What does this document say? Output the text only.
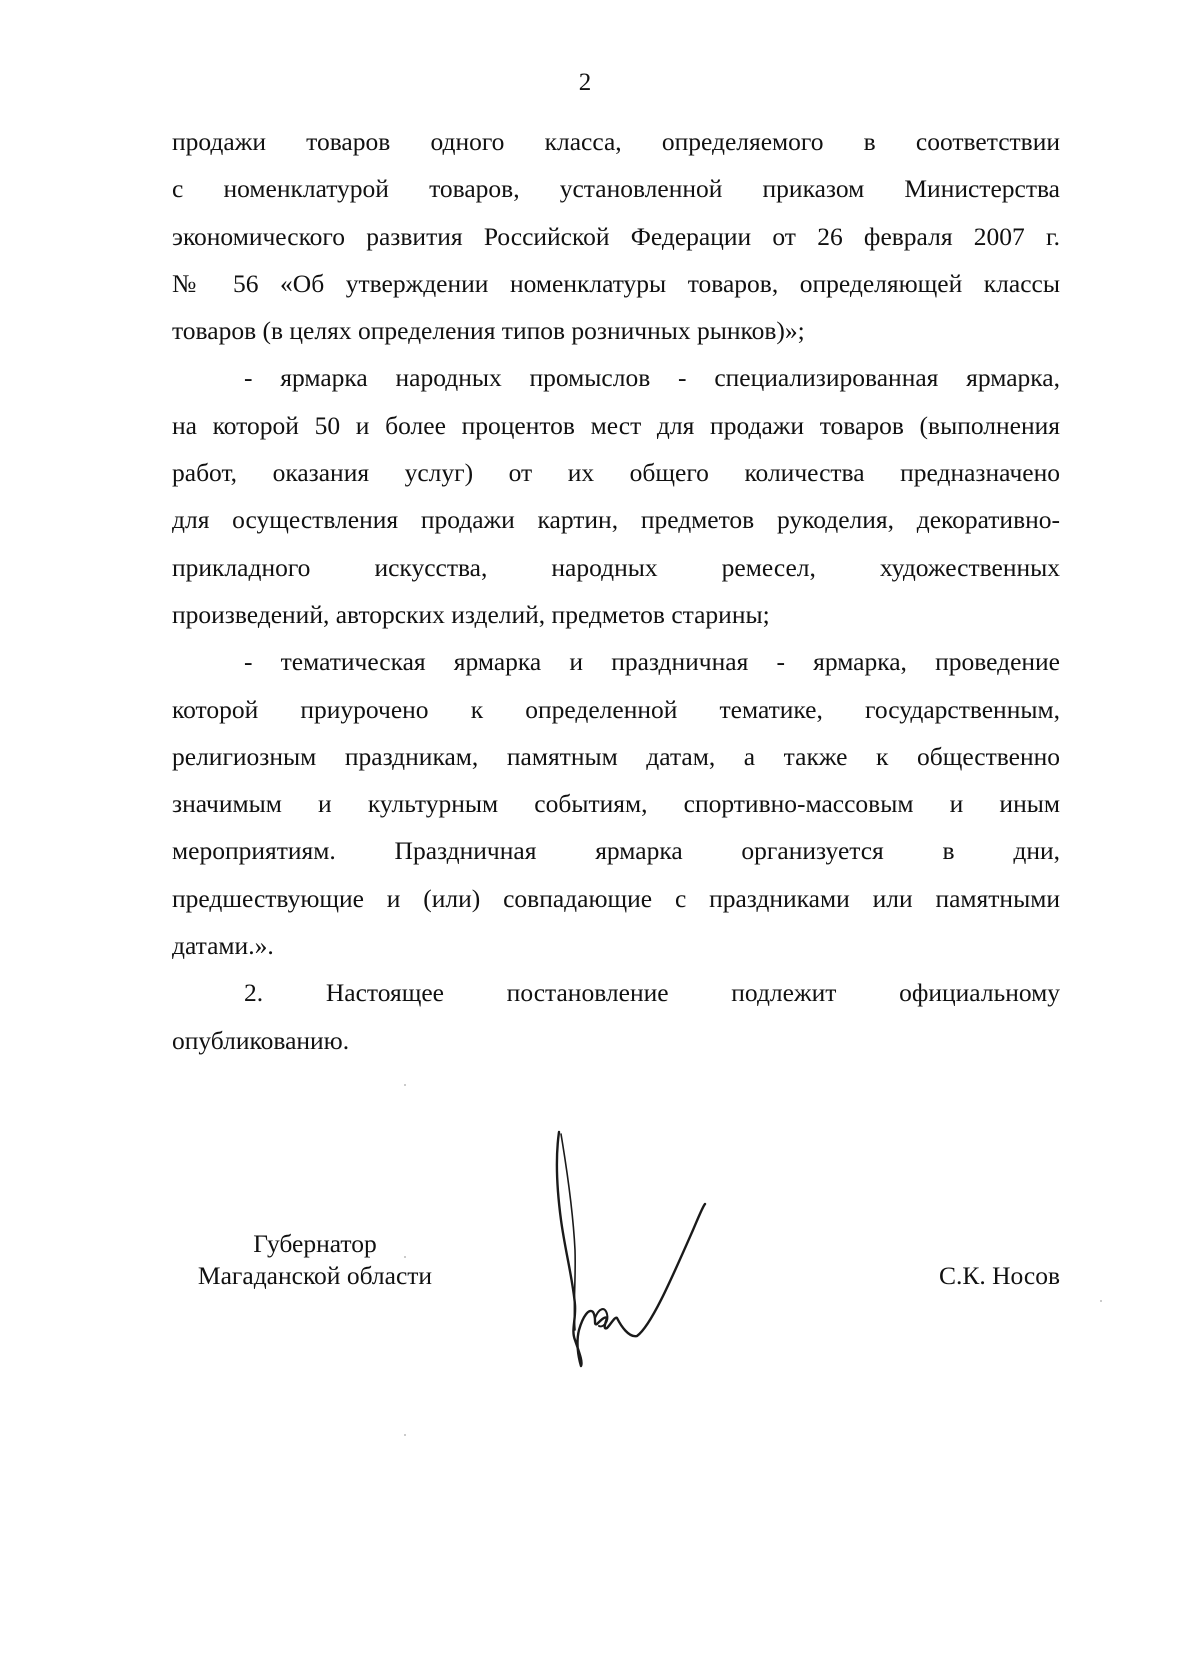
2

продажи товаров одного класса, определяемого в соответствии
с номенклатурой товаров, установленной приказом Министерства
экономического развития Российской Федерации от 26 февраля 2007 г.
№ 56 «Об утверждении номенклатуры товаров, определяющей классы
товаров (в целях определения типов розничных рынков)»;

- ярмарка народных промыслов - специализированная ярмарка,
на которой 50 и более процентов мест для продажи товаров (выполнения
работ, оказания услуг) от их общего количества предназначено
для осуществления продажи картин, предметов рукоделия, декоративно-
прикладного искусства, народных ремесел, художественных
произведений, авторских изделий, предметов старины;

- тематическая ярмарка и праздничная - ярмарка, проведение
которой приурочено к определенной тематике, государственным,
религиозным праздникам, памятным датам, а также к общественно
значимым и культурным событиям, спортивно-массовым и иным
мероприятиям. Праздничная ярмарка организуется в дни,
предшествующие и (или) совпадающие с праздниками или памятными
датами.».

2. Настоящее постановление подлежит официальному
опубликованию.

Губернатор
Магаданской области	С.К. Носов
